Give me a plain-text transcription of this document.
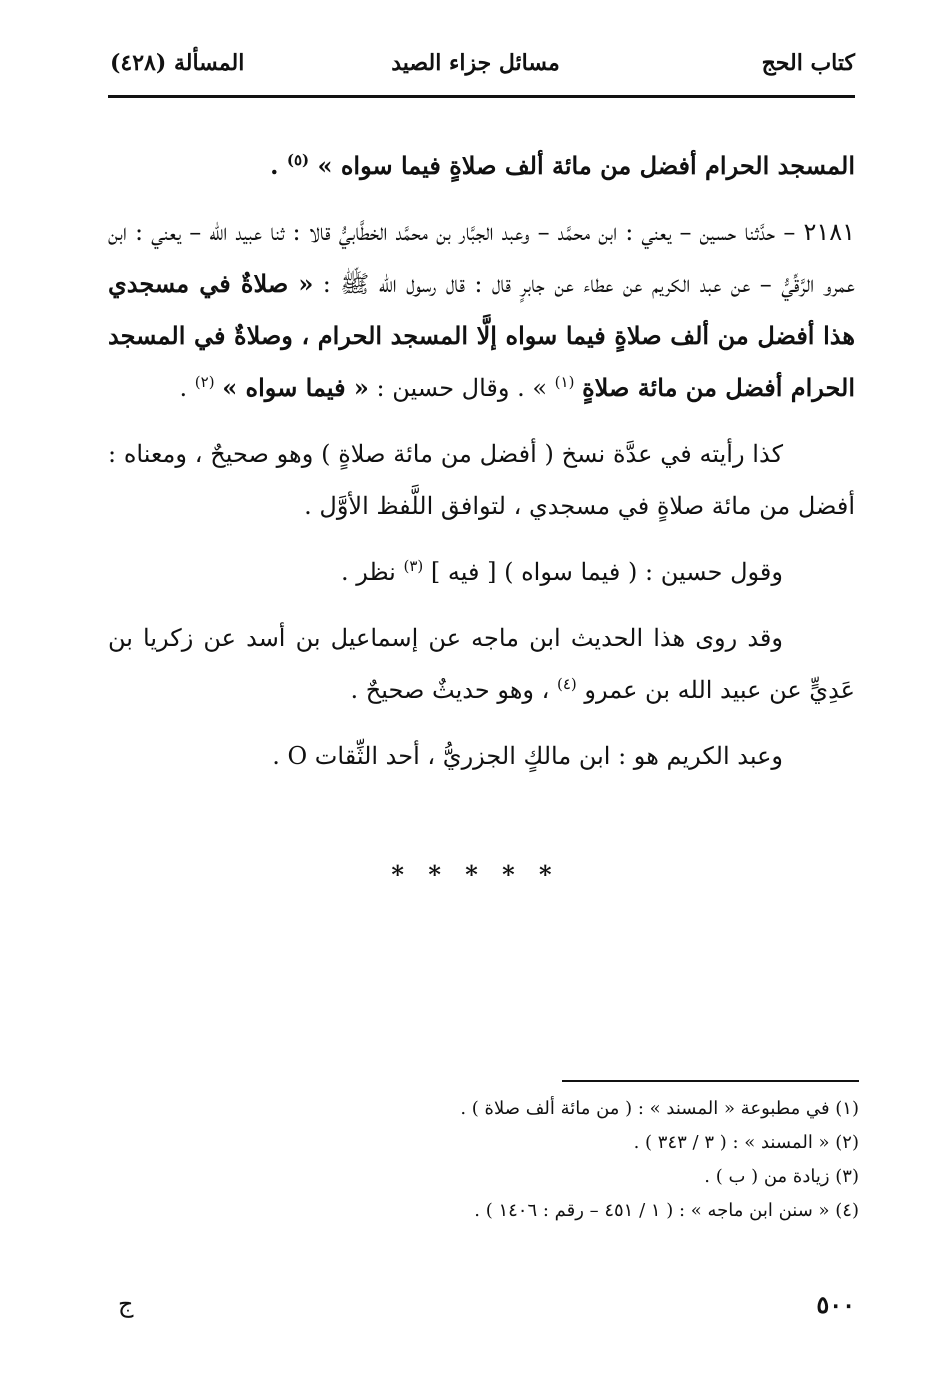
كتاب الحج
مسائل جزاء الصيد
المسألة (٤٢٨)

المسجد الحرام أفضل من مائة ألف صلاةٍ فيما سواه » $^{(٥)}$ .

٢١٨١ – حدَّثنا حسين – يعني : ابن محمَّد – وعبد الجبَّار بن محمَّد الخطَّابيُّ قالا : ثنا عبيد الله – يعني : ابن عمرو الرَّقِّيُّ – عن عبد الكريم عن عطاء عن جابرٍ قال : قال رسول الله ﷺ : « صلاةٌ في مسجدي هذا أفضل من ألف صلاةٍ فيما سواه إلَّا المسجد الحرام ، وصلاةٌ في المسجد الحرام أفضل من مائة صلاةٍ $^{(١)}$ » . وقال حسين : « فيما سواه » $^{(٢)}$ .

كذا رأيته في عدَّة نسخ ( أفضل من مائة صلاةٍ ) وهو صحيحٌ ، ومعناه : أفضل من مائة صلاةٍ في مسجدي ، لتوافق اللَّفظ الأوَّل .

وقول حسين : ( فيما سواه ) [ فيه ] $^{(٣)}$ نظر .

وقد روى هذا الحديث ابن ماجه عن إسماعيل بن أسد عن زكريا بن عَدِيٍّ عن عبيد الله بن عمرو $^{(٤)}$ ، وهو حديثٌ صحيحٌ .

وعبد الكريم هو : ابن مالكٍ الجزريُّ ، أحد الثِّقات O .

* * * * *
(١) في مطبوعة « المسند » : ( من مائة ألف صلاة ) .
(٢) « المسند » : ( ٣ / ٣٤٣ ) .
(٣) زيادة من ( ب ) .
(٤) « سنن ابن ماجه » : ( ١ / ٤٥١ – رقم : ١٤٠٦ ) .
٥٠٠
ج
